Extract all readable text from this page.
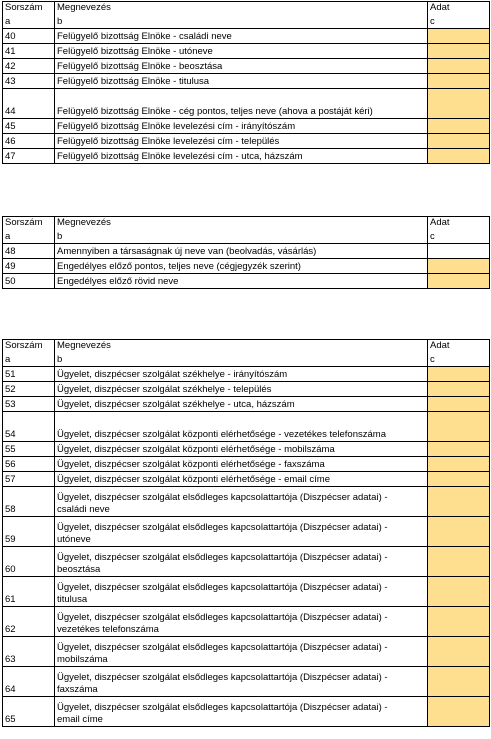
Sorszám	Megnevezés	Adat
a	b	c
40	Felügyelő bizottság Elnöke - családi neve	
41	Felügyelő bizottság Elnöke - utóneve	
42	Felügyelő bizottság Elnöke - beosztása	
43	Felügyelő bizottság Elnöke - titulusa	
44	Felügyelő bizottság Elnöke - cég pontos, teljes neve (ahova a postáját kéri)	
45	Felügyelő bizottság Elnöke levelezési cím - irányítószám	
46	Felügyelő bizottság Elnöke levelezési cím - település	
47	Felügyelő bizottság Elnöke levelezési cím - utca, házszám	
Sorszám	Megnevezés	Adat
a	b	c
48	Amennyiben a társaságnak új neve van (beolvadás, vásárlás)	
49	Engedélyes előző pontos, teljes neve (cégjegyzék szerint)	
50	Engedélyes előző rövid neve	
Sorszám	Megnevezés	Adat
a	b	c
51	Ügyelet, diszpécser szolgálat székhelye - irányítószám	
52	Ügyelet, diszpécser szolgálat székhelye - település	
53	Ügyelet, diszpécser szolgálat székhelye - utca, házszám	
54	Ügyelet, diszpécser szolgálat központi elérhetősége - vezetékes telefonszáma	
55	Ügyelet, diszpécser szolgálat központi elérhetősége - mobilszáma	
56	Ügyelet, diszpécser szolgálat központi elérhetősége - faxszáma	
57	Ügyelet, diszpécser szolgálat központi elérhetősége - email címe	
58	Ügyelet, diszpécser szolgálat elsődleges kapcsolattartója (Diszpécser adatai) -
családi neve	
59	Ügyelet, diszpécser szolgálat elsődleges kapcsolattartója (Diszpécser adatai) -
utóneve	
60	Ügyelet, diszpécser szolgálat elsődleges kapcsolattartója (Diszpécser adatai) -
beosztása	
61	Ügyelet, diszpécser szolgálat elsődleges kapcsolattartója (Diszpécser adatai) -
titulusa	
62	Ügyelet, diszpécser szolgálat elsődleges kapcsolattartója (Diszpécser adatai) -
vezetékes telefonszáma	
63	Ügyelet, diszpécser szolgálat elsődleges kapcsolattartója (Diszpécser adatai) -
mobilszáma	
64	Ügyelet, diszpécser szolgálat elsődleges kapcsolattartója (Diszpécser adatai) -
faxszáma	
65	Ügyelet, diszpécser szolgálat elsődleges kapcsolattartója (Diszpécser adatai) -
email címe	
